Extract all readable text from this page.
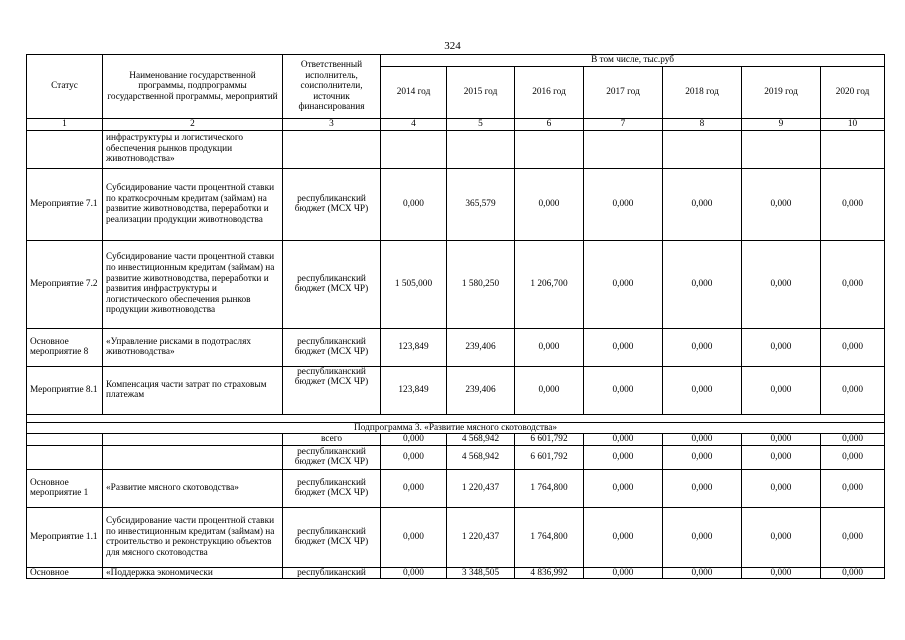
324
Статус	Наименование государственной программы, подпрограммы государственной программы, мероприятий	Ответственный исполнитель, соисполнители, источник финансирования	В том числе, тыс.руб						
			2014 год	2015 год	2016 год	2017 год	2018 год	2019 год	2020 год
1	2	3	4	5	6	7	8	9	10
	инфраструктуры и логистического обеспечения рынков продукции животноводства»								
Мероприятие 7.1	Субсидирование части процентной ставки по краткосрочным кредитам (займам) на развитие животноводства, переработки и реализации продукции животноводства	республиканский бюджет (МСХ ЧР)	0,000	365,579	0,000	0,000	0,000	0,000	0,000
Мероприятие 7.2	Субсидирование части процентной ставки по инвестиционным кредитам (займам) на развитие животноводства, переработки и развития инфраструктуры и логистического обеспечения рынков продукции животноводства	республиканский бюджет (МСХ ЧР)	1 505,000	1 580,250	1 206,700	0,000	0,000	0,000	0,000
Основное мероприятие 8	«Управление рисками в подотраслях животноводства»	республиканский бюджет (МСХ ЧР)	123,849	239,406	0,000	0,000	0,000	0,000	0,000
Мероприятие 8.1	Компенсация части затрат по страховым платежам	республиканский бюджет (МСХ ЧР)	123,849	239,406	0,000	0,000	0,000	0,000	0,000

Подпрограмма 3. «Развитие мясного скотоводства»									
		всего	0,000	4 568,942	6 601,792	0,000	0,000	0,000	0,000
		республиканский бюджет (МСХ ЧР)	0,000	4 568,942	6 601,792	0,000	0,000	0,000	0,000
Основное мероприятие 1	«Развитие мясного скотоводства»	республиканский бюджет (МСХ ЧР)	0,000	1 220,437	1 764,800	0,000	0,000	0,000	0,000
Мероприятие 1.1	Субсидирование части процентной ставки по инвестиционным кредитам (займам) на строительство и реконструкцию объектов для мясного скотоводства	республиканский бюджет (МСХ ЧР)	0,000	1 220,437	1 764,800	0,000	0,000	0,000	0,000
Основное	«Поддержка экономически	республиканский	0,000	3 348,505	4 836,992	0,000	0,000	0,000	0,000
